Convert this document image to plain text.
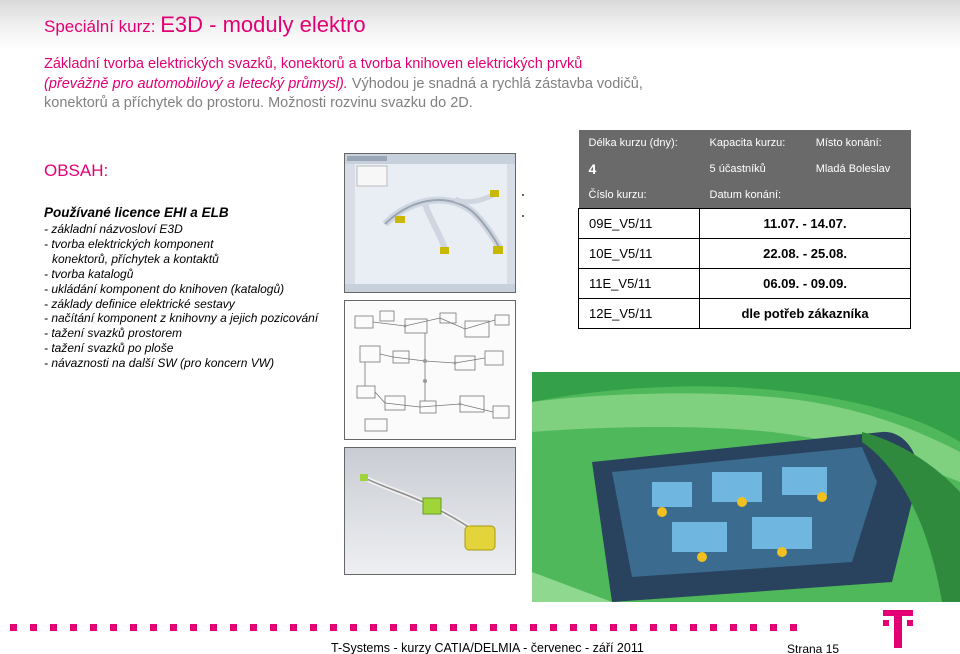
Speciální kurz: E3D - moduly elektro
Základní tvorba elektrických svazků, konektorů a tvorba knihoven elektrických prvků
(převážně pro automobilový a letecký průmysl). Výhodou je snadná a rychlá zástavba vodičů,
konektorů a příchytek do prostoru. Možnosti rozvinu svazku do 2D.
OBSAH:
Používané licence EHI a ELB
- základní názvosloví E3D
- tvorba elektrických komponent
konektorů, příchytek a kontaktů
- tvorba katalogů
- ukládání komponent do knihoven (katalogů)
- základy definice elektrické sestavy
- načítání komponent z knihovny a jejich pozicování
- tažení svazků prostorem
- tažení svazků po ploše
- návaznosti na další SW (pro koncern VW)
Délka kurzu (dny):	Kapacita kurzu:	Místo konání:
4	5 účastníků	Mladá Boleslav
Číslo kurzu:	Datum konání:	
09E_V5/11	11.07. - 14.07.	
10E_V5/11	22.08. - 25.08.	
11E_V5/11	06.09. - 09.09.	
12E_V5/11	dle potřeb zákazníka	
T-Systems - kurzy CATIA/DELMIA - červenec - září 2011	Strana 15
